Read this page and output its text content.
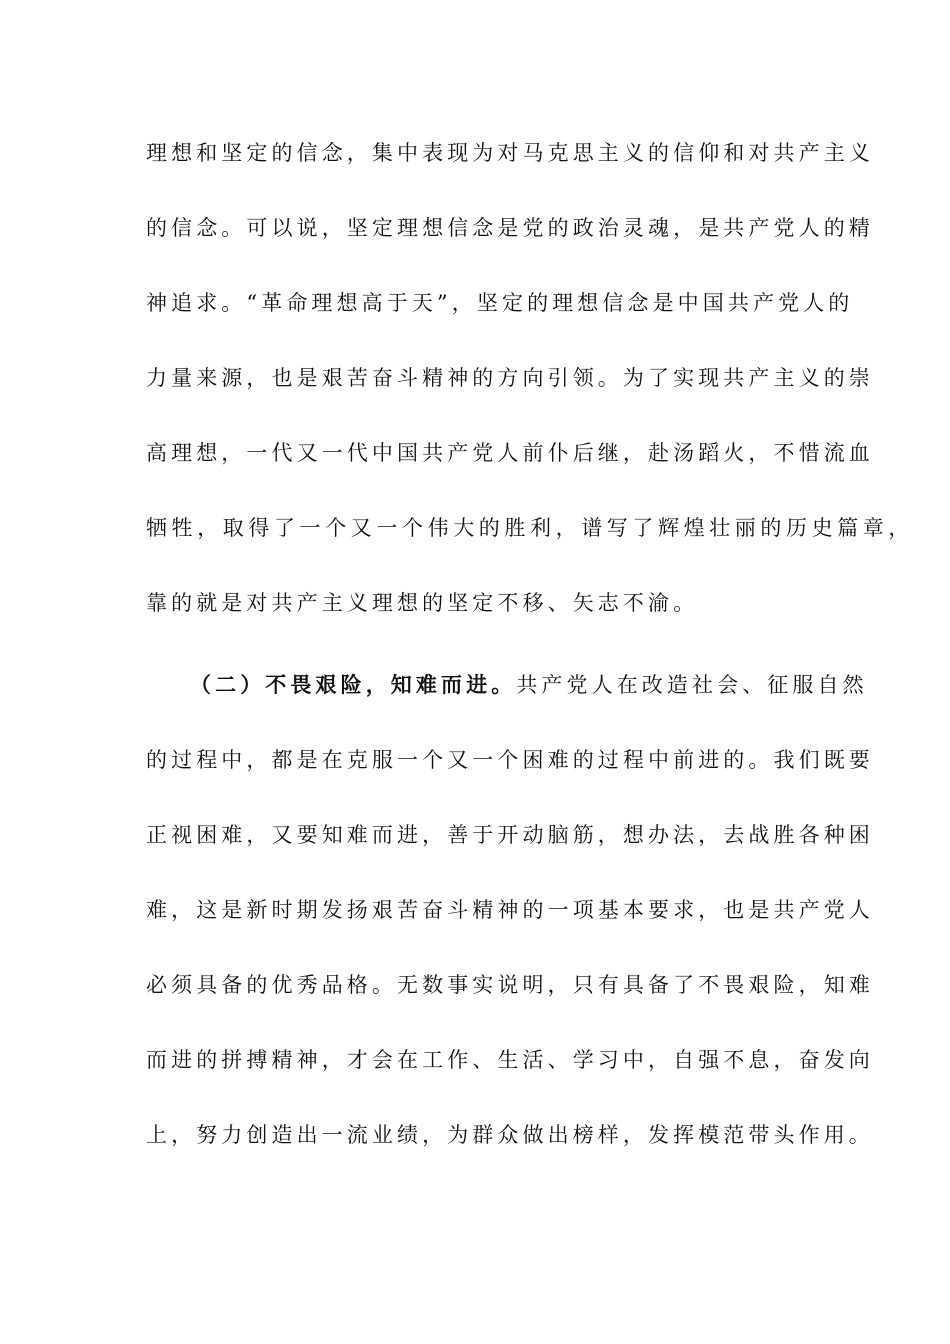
理想和坚定的信念，集中表现为对马克思主义的信仰和对共产主义
的信念。可以说，坚定理想信念是党的政治灵魂，是共产党人的精
神追求。“革命理想高于天”，坚定的理想信念是中国共产党人的
力量来源，也是艰苦奋斗精神的方向引领。为了实现共产主义的崇
高理想，一代又一代中国共产党人前仆后继，赴汤蹈火，不惜流血
牺牲，取得了一个又一个伟大的胜利，谱写了辉煌壮丽的历史篇章，
靠的就是对共产主义理想的坚定不移、矢志不渝。
（二）不畏艰险，知难而进。共产党人在改造社会、征服自然
的过程中，都是在克服一个又一个困难的过程中前进的。我们既要
正视困难，又要知难而进，善于开动脑筋，想办法，去战胜各种困
难，这是新时期发扬艰苦奋斗精神的一项基本要求，也是共产党人
必须具备的优秀品格。无数事实说明，只有具备了不畏艰险，知难
而进的拼搏精神，才会在工作、生活、学习中，自强不息，奋发向
上，努力创造出一流业绩，为群众做出榜样，发挥模范带头作用。
